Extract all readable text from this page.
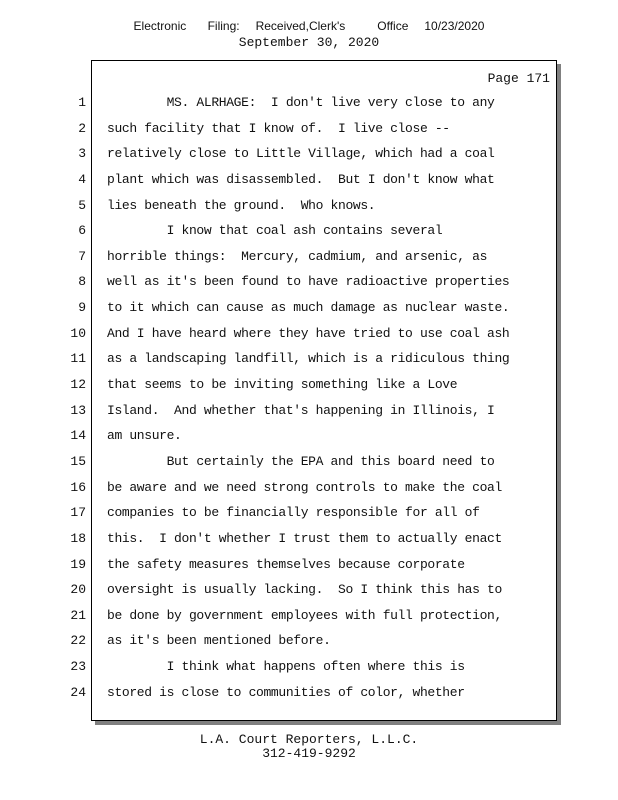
Electronic    Filing:   Received,Clerk's      Office   10/23/2020
September 30, 2020
Page 171
1
2
3
4
5
6
7
8
9
10
11
12
13
14
15
16
17
18
19
20
21
22
23
24
MS. ALRHAGE:  I don't live very close to any
such facility that I know of.  I live close --
relatively close to Little Village, which had a coal
plant which was disassembled.  But I don't know what
lies beneath the ground.  Who knows.
I know that coal ash contains several
horrible things:  Mercury, cadmium, and arsenic, as
well as it's been found to have radioactive properties
to it which can cause as much damage as nuclear waste.
And I have heard where they have tried to use coal ash
as a landscaping landfill, which is a ridiculous thing
that seems to be inviting something like a Love
Island.  And whether that's happening in Illinois, I
am unsure.
But certainly the EPA and this board need to
be aware and we need strong controls to make the coal
companies to be financially responsible for all of
this.  I don't whether I trust them to actually enact
the safety measures themselves because corporate
oversight is usually lacking.  So I think this has to
be done by government employees with full protection,
as it's been mentioned before.
I think what happens often where this is
stored is close to communities of color, whether
L.A. Court Reporters, L.L.C.
312-419-9292
